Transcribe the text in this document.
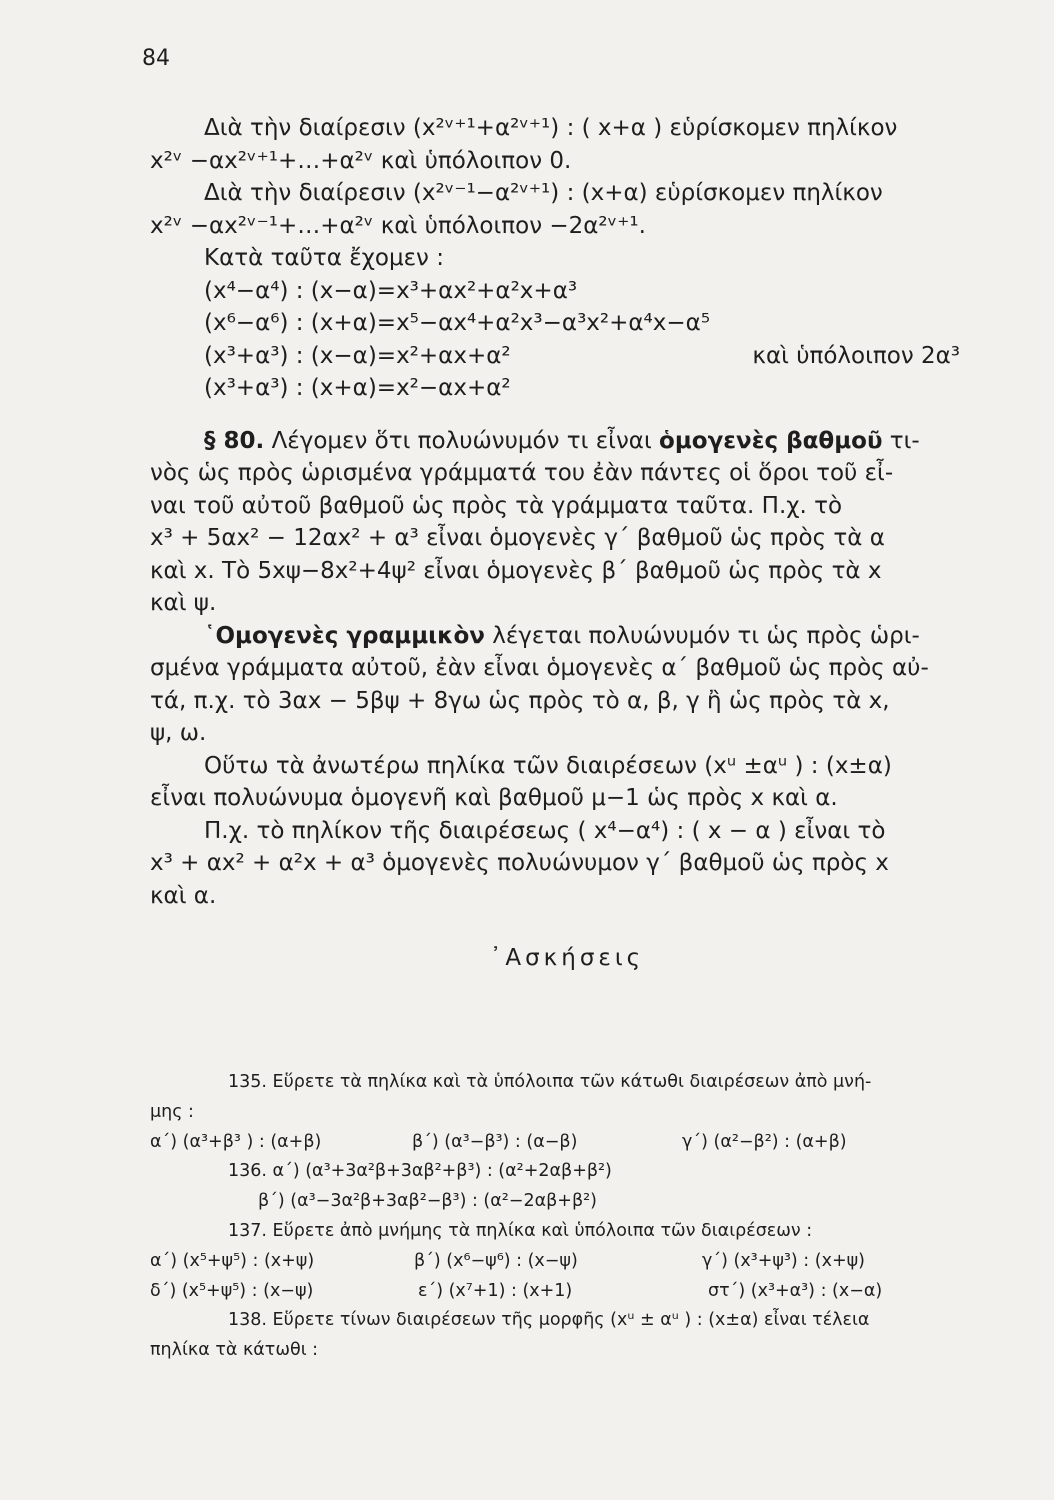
84
Διὰ τὴν διαίρεσιν (x²ᵛ⁺¹+α²ᵛ⁺¹) : ( x+α ) εὑρίσκομεν πηλίκον
x²ᵛ −αx²ᵛ⁺¹+…+α²ᵛ καὶ ὑπόλοιπον 0.
Διὰ τὴν διαίρεσιν (x²ᵛ⁻¹−α²ᵛ⁺¹) : (x+α) εὑρίσκομεν πηλίκον
x²ᵛ −αx²ᵛ⁻¹+…+α²ᵛ καὶ ὑπόλοιπον −2α²ᵛ⁺¹.
Κατὰ ταῦτα ἔχομεν :
(x⁴−α⁴) : (x−α)=x³+αx²+α²x+α³
(x⁶−α⁶) : (x+α)=x⁵−αx⁴+α²x³−α³x²+α⁴x−α⁵
(x³+α³) : (x−α)=x²+αx+α²	καὶ ὑπόλοιπον 2α³
(x³+α³) : (x+α)=x²−αx+α²
§ 80. Λέγομεν ὅτι πολυώνυμόν τι εἶναι ὁμογενὲς βαθμοῦ τι-
νὸς ὡς πρὸς ὡρισμένα γράμματά του ἐὰν πάντες οἱ ὅροι τοῦ εἶ-
ναι τοῦ αὐτοῦ βαθμοῦ ὡς πρὸς τὰ γράμματα ταῦτα. Π.χ. τὸ
x³ + 5αx² − 12αx² + α³ εἶναι ὁμογενὲς γ΄ βαθμοῦ ὡς πρὸς τὰ α
καὶ x. Τὸ 5xψ−8x²+4ψ² εἶναι ὁμογενὲς β΄ βαθμοῦ ὡς πρὸς τὰ x
καὶ ψ.
῾Ομογενὲς γραμμικὸν λέγεται πολυώνυμόν τι ὡς πρὸς ὡρι-
σμένα γράμματα αὐτοῦ, ἐὰν εἶναι ὁμογενὲς α΄ βαθμοῦ ὡς πρὸς αὐ-
τά, π.χ. τὸ 3αx − 5βψ + 8γω ὡς πρὸς τὸ α, β, γ ἢ ὡς πρὸς τὰ x,
ψ, ω.
Οὕτω τὰ ἀνωτέρω πηλίκα τῶν διαιρέσεων (xᵘ ±αᵘ ) : (x±α)
εἶναι πολυώνυμα ὁμογενῆ καὶ βαθμοῦ μ−1 ὡς πρὸς x καὶ α.
Π.χ. τὸ πηλίκον τῆς διαιρέσεως ( x⁴−α⁴) : ( x − α ) εἶναι τὸ
x³ + αx² + α²x + α³ ὁμογενὲς πολυώνυμον γ΄ βαθμοῦ ὡς πρὸς x
καὶ α.
᾿Ασκήσεις
135. Εὕρετε τὰ πηλίκα καὶ τὰ ὑπόλοιπα τῶν κάτωθι διαιρέσεων ἀπὸ μνή-
μης :
α΄) (α³+β³ ) : (α+β)	β΄) (α³−β³) : (α−β)	γ΄) (α²−β²) : (α+β)
136. α΄) (α³+3α²β+3αβ²+β³) : (α²+2αβ+β²)
β΄) (α³−3α²β+3αβ²−β³) : (α²−2αβ+β²)
137. Εὕρετε ἀπὸ μνήμης τὰ πηλίκα καὶ ὑπόλοιπα τῶν διαιρέσεων :
α΄) (x⁵+ψ⁵) : (x+ψ)	β΄) (x⁶−ψ⁶) : (x−ψ)	γ΄) (x³+ψ³) : (x+ψ)
δ΄) (x⁵+ψ⁵) : (x−ψ)	ε΄) (x⁷+1) : (x+1)	στ΄) (x³+α³) : (x−α)
138. Εὕρετε τίνων διαιρέσεων τῆς μορφῆς (xᵘ ± αᵘ ) : (x±α) εἶναι τέλεια
πηλίκα τὰ κάτωθι :
